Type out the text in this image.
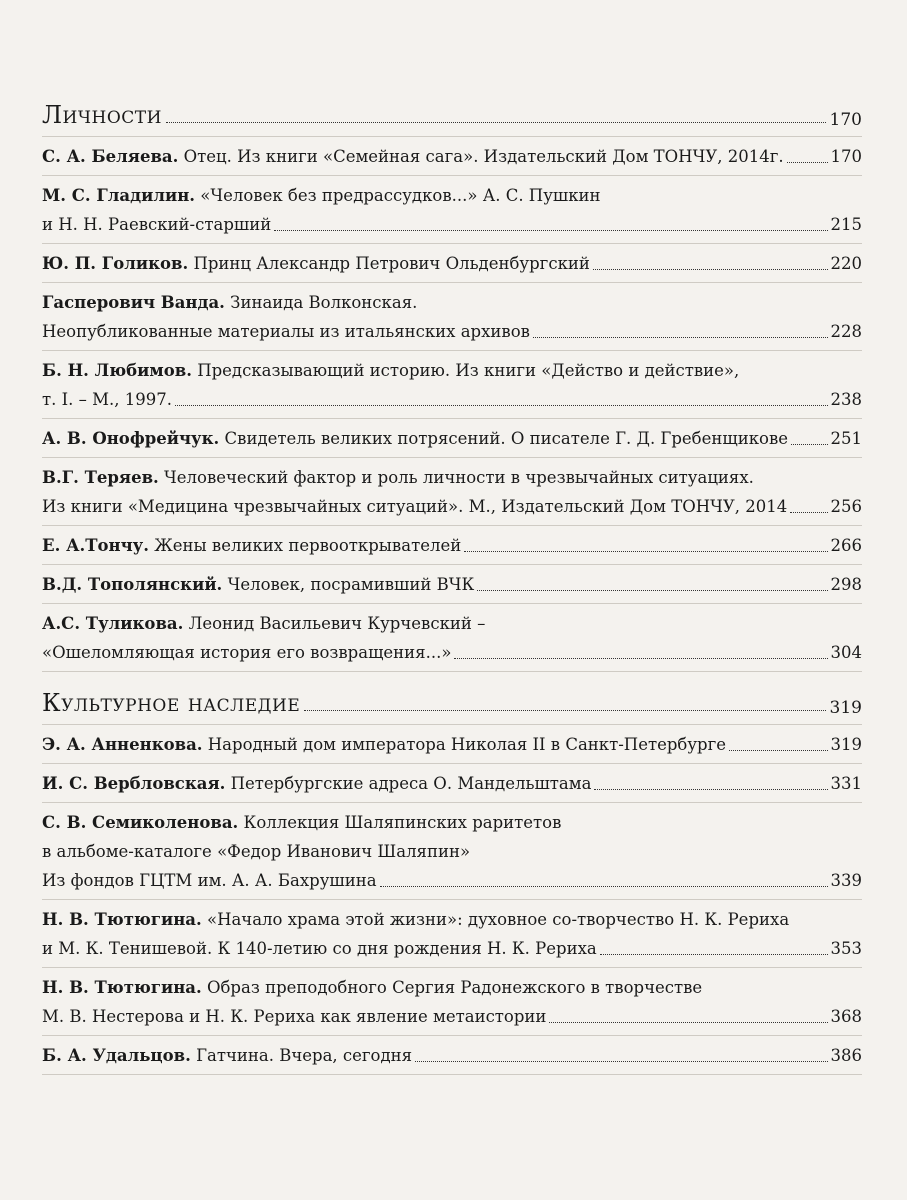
Личности	170
С. А. Беляева. Отец. Из книги «Семейная сага». Издательский Дом ТОНЧУ, 2014г.	170
М. С. Гладилин. «Человек без предрассудков...» А. С. Пушкин
и Н. Н. Раевский-старший	215
Ю. П. Голиков. Принц Александр Петрович Ольденбургский	220
Гасперович Ванда. Зинаида Волконская.
Неопубликованные материалы из итальянских архивов	228
Б. Н. Любимов. Предсказывающий историю. Из книги «Действо и действие»,
т. I. – М., 1997.	238
А. В. Онофрейчук. Свидетель великих потрясений. О писателе Г. Д. Гребенщикове	251
В.Г. Теряев. Человеческий фактор и роль личности в чрезвычайных ситуациях.
Из книги «Медицина чрезвычайных ситуаций». М., Издательский Дом ТОНЧУ, 2014	256
Е. А.Тончу. Жены великих первооткрывателей	266
В.Д. Тополянский. Человек, посрамивший ВЧК	298
А.С. Туликова. Леонид Васильевич Курчевский –
«Ошеломляющая история его возвращения...»	304
Культурное наследие	319
Э. А. Анненкова. Народный дом императора Николая II в Санкт-Петербурге	319
И. С. Вербловская. Петербургские адреса О. Мандельштама	331
С. В. Семиколенова. Коллекция Шаляпинских раритетов
в альбоме-каталоге «Федор Иванович Шаляпин»
Из фондов ГЦТМ им. А. А. Бахрушина	339
Н. В. Тютюгина. «Начало храма этой жизни»: духовное со-творчество Н. К. Рериха
и М. К. Тенишевой. К 140-летию со дня рождения Н. К. Рериха	353
Н. В. Тютюгина. Образ преподобного Сергия Радонежского в творчестве
М. В. Нестерова и Н. К. Рериха как явление метаистории	368
Б. А. Удальцов. Гатчина. Вчера, сегодня	386
